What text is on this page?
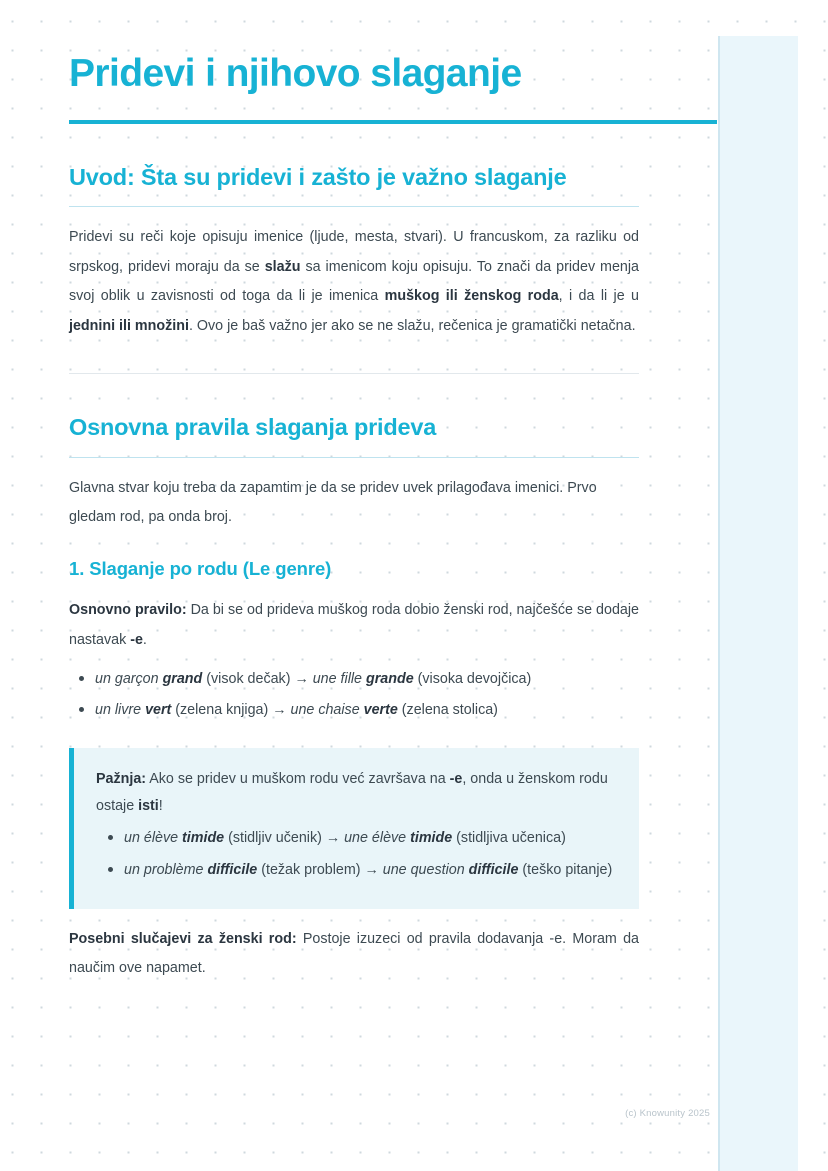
Pridevi i njihovo slaganje
Uvod: Šta su pridevi i zašto je važno slaganje

Pridevi su reči koje opisuju imenice (ljude, mesta, stvari). U francuskom, za razliku od srpskog, pridevi moraju da se slažu sa imenicom koju opisuju. To znači da pridev menja svoj oblik u zavisnosti od toga da li je imenica muškog ili ženskog roda, i da li je u jednini ili množini. Ovo je baš važno jer ako se ne slažu, rečenica je gramatički netačna.

Osnovna pravila slaganja prideva

Glavna stvar koju treba da zapamtim je da se pridev uvek prilagođava imenici. Prvo gledam rod, pa onda broj.

1. Slaganje po rodu (Le genre)

Osnovno pravilo: Da bi se od prideva muškog roda dobio ženski rod, najčešće se dodaje nastavak -e.

un garçon grand (visok dečak) → une fille grande (visoka devojčica)
un livre vert (zelena knjiga) → une chaise verte (zelena stolica)

Pažnja: Ako se pridev u muškom rodu već završava na -e, onda u ženskom rodu ostaje isti!

un élève timide (stidljiv učenik) → une élève timide (stidljiva učenica)
un problème difficile (težak problem) → une question difficile (teško pitanje)

Posebni slučajevi za ženski rod: Postoje izuzeci od pravila dodavanja -e. Moram da naučim ove napamet.

(c) Knowunity 2025
